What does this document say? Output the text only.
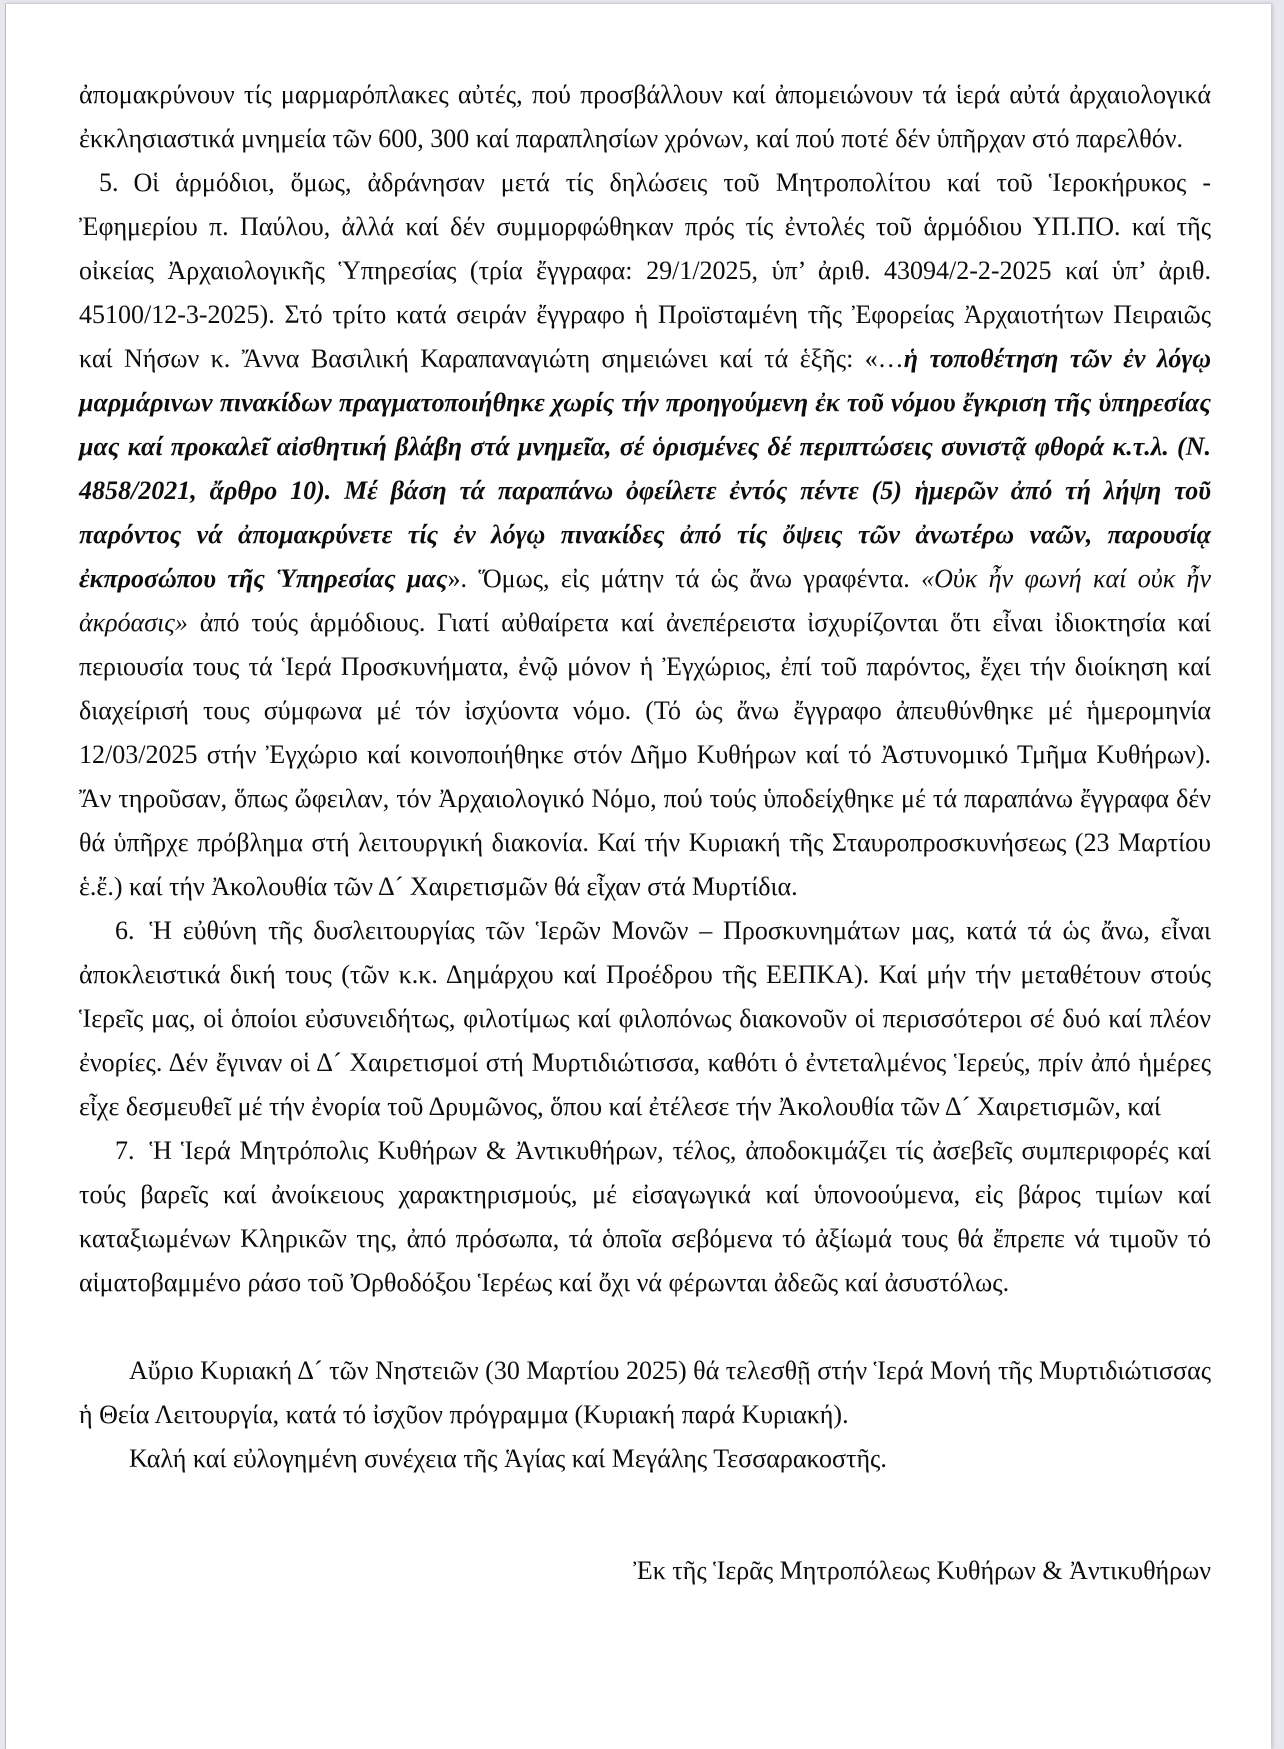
ἀπομακρύνουν τίς μαρμαρόπλακες αὐτές, πού προσβάλλουν καί ἀπομειώνουν τά ἱερά αὐτά ἀρχαιολογικά ἐκκλησιαστικά μνημεία τῶν 600, 300 καί παραπλησίων χρόνων, καί πού ποτέ δέν ὑπῆρχαν στό παρελθόν.

5. Οἱ ἁρμόδιοι, ὅμως, ἀδράνησαν μετά τίς δηλώσεις τοῦ Μητροπολίτου καί τοῦ Ἱεροκήρυκος - Ἐφημερίου π. Παύλου, ἀλλά καί δέν συμμορφώθηκαν πρός τίς ἐντολές τοῦ ἁρμόδιου ΥΠ.ΠΟ. καί τῆς οἰκείας Ἀρχαιολογικῆς Ὑπηρεσίας (τρία ἔγγραφα: 29/1/2025, ὑπ’ ἀριθ. 43094/2-2-2025 καί ὑπ’ ἀριθ. 45100/12-3-2025). Στό τρίτο κατά σειράν ἔγγραφο ἡ Προϊσταμένη τῆς Ἐφορείας Ἀρχαιοτήτων Πειραιῶς καί Νήσων κ. Ἄννα Βασιλική Καραπαναγιώτη σημειώνει καί τά ἑξῆς: «…ἡ τοποθέτηση τῶν ἐν λόγῳ μαρμάρινων πινακίδων πραγματοποιήθηκε χωρίς τήν προηγούμενη ἐκ τοῦ νόμου ἔγκριση τῆς ὑπηρεσίας μας καί προκαλεῖ αἰσθητική βλάβη στά μνημεῖα, σέ ὁρισμένες δέ περιπτώσεις συνιστᾷ φθορά κ.τ.λ. (Ν. 4858/2021, ἄρθρο 10). Μέ βάση τά παραπάνω ὀφείλετε ἐντός πέντε (5) ἡμερῶν ἀπό τή λήψη τοῦ παρόντος νά ἀπομακρύνετε τίς ἐν λόγῳ πινακίδες ἀπό τίς ὄψεις τῶν ἀνωτέρω ναῶν, παρουσίᾳ ἐκπροσώπου τῆς Ὑπηρεσίας μας». Ὅμως, εἰς μάτην τά ὡς ἄνω γραφέντα. «Οὐκ ἦν φωνή καί οὐκ ἦν ἀκρόασις» ἀπό τούς ἁρμόδιους. Γιατί αὐθαίρετα καί ἀνεπέρειστα ἰσχυρίζονται ὅτι εἶναι ἰδιοκτησία καί περιουσία τους τά Ἱερά Προσκυνήματα, ἐνῷ μόνον ἡ Ἐγχώριος, ἐπί τοῦ παρόντος, ἔχει τήν διοίκηση καί διαχείρισή τους σύμφωνα μέ τόν ἰσχύοντα νόμο. (Τό ὡς ἄνω ἔγγραφο ἀπευθύνθηκε μέ ἡμερομηνία 12/03/2025 στήν Ἐγχώριο καί κοινοποιήθηκε στόν Δῆμο Κυθήρων καί τό Ἀστυνομικό Τμῆμα Κυθήρων). Ἄν τηροῦσαν, ὅπως ὤφειλαν, τόν Ἀρχαιολογικό Νόμο, πού τούς ὑποδείχθηκε μέ τά παραπάνω ἔγγραφα δέν θά ὑπῆρχε πρόβλημα στή λειτουργική διακονία. Καί τήν Κυριακή τῆς Σταυροπροσκυνήσεως (23 Μαρτίου ἑ.ἔ.) καί τήν Ἀκολουθία τῶν Δ´ Χαιρετισμῶν θά εἶχαν στά Μυρτίδια.

6. Ἡ εὐθύνη τῆς δυσλειτουργίας τῶν Ἱερῶν Μονῶν – Προσκυνημάτων μας, κατά τά ὡς ἄνω, εἶναι ἀποκλειστικά δική τους (τῶν κ.κ. Δημάρχου καί Προέδρου τῆς ΕΕΠΚΑ). Καί μήν τήν μεταθέτουν στούς Ἱερεῖς μας, οἱ ὁποίοι εὐσυνειδήτως, φιλοτίμως καί φιλοπόνως διακονοῦν οἱ περισσότεροι σέ δυό καί πλέον ἐνορίες. Δέν ἔγιναν οἱ Δ´ Χαιρετισμοί στή Μυρτιδιώτισσα, καθότι ὁ ἐντεταλμένος Ἱερεύς, πρίν ἀπό ἡμέρες εἶχε δεσμευθεῖ μέ τήν ἐνορία τοῦ Δρυμῶνος, ὅπου καί ἐτέλεσε τήν Ἀκολουθία τῶν Δ´ Χαιρετισμῶν, καί

7. Ἡ Ἱερά Μητρόπολις Κυθήρων & Ἀντικυθήρων, τέλος, ἀποδοκιμάζει τίς ἀσεβεῖς συμπεριφορές καί τούς βαρεῖς καί ἀνοίκειους χαρακτηρισμούς, μέ εἰσαγωγικά καί ὑπονοούμενα, εἰς βάρος τιμίων καί καταξιωμένων Κληρικῶν της, ἀπό πρόσωπα, τά ὁποῖα σεβόμενα τό ἀξίωμά τους θά ἔπρεπε νά τιμοῦν τό αἱματοβαμμένο ράσο τοῦ Ὀρθοδόξου Ἱερέως καί ὄχι νά φέρωνται ἀδεῶς καί ἀσυστόλως.

Αὔριο Κυριακή Δ´ τῶν Νηστειῶν (30 Μαρτίου 2025) θά τελεσθῇ στήν Ἱερά Μονή τῆς Μυρτιδιώτισσας ἡ Θεία Λειτουργία, κατά τό ἰσχῦον πρόγραμμα (Κυριακή παρά Κυριακή).

Καλή καί εὐλογημένη συνέχεια τῆς Ἁγίας καί Μεγάλης Τεσσαρακοστῆς.

Ἐκ τῆς Ἱερᾶς Μητροπόλεως Κυθήρων & Ἀντικυθήρων
